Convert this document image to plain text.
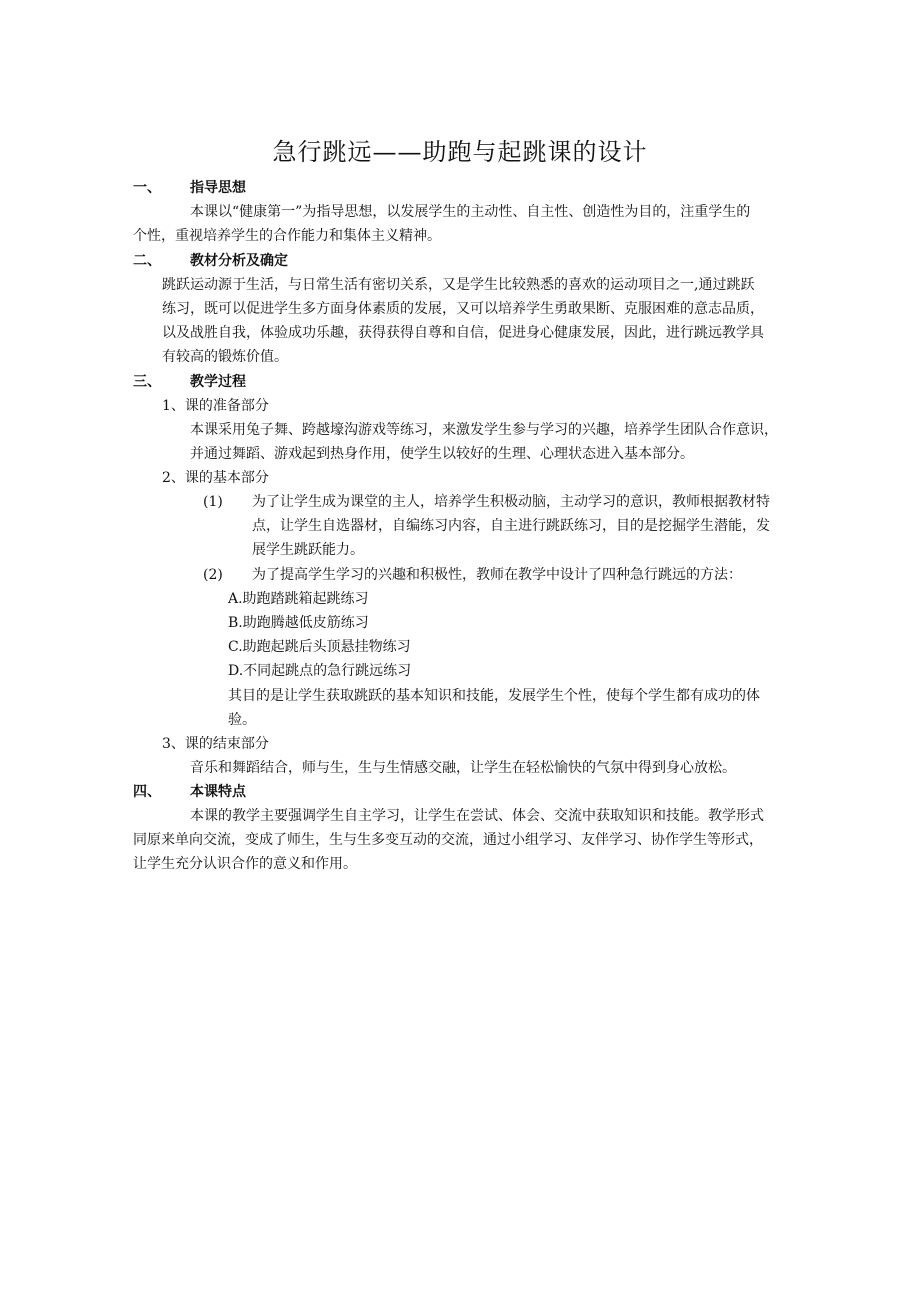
急行跳远——助跑与起跳课的设计
一、 指导思想
本课以“健康第一”为指导思想，以发展学生的主动性、自主性、创造性为目的，注重学生的
个性，重视培养学生的合作能力和集体主义精神。
二、 教材分析及确定
跳跃运动源于生活，与日常生活有密切关系，又是学生比较熟悉的喜欢的运动项目之一,通过跳跃
练习，既可以促进学生多方面身体素质的发展，又可以培养学生勇敢果断、克服困难的意志品质，
以及战胜自我，体验成功乐趣，获得获得自尊和自信，促进身心健康发展，因此，进行跳远教学具
有较高的锻炼价值。
三、 教学过程
1、课的准备部分
本课采用兔子舞、跨越壕沟游戏等练习，来激发学生参与学习的兴趣，培养学生团队合作意识，
并通过舞蹈、游戏起到热身作用，使学生以较好的生理、心理状态进入基本部分。
2、课的基本部分
(1) 为了让学生成为课堂的主人，培养学生积极动脑，主动学习的意识，教师根据教材特
点，让学生自选器材，自编练习内容，自主进行跳跃练习，目的是挖掘学生潜能，发
展学生跳跃能力。
(2) 为了提高学生学习的兴趣和积极性，教师在教学中设计了四种急行跳远的方法：
A.助跑踏跳箱起跳练习
B.助跑腾越低皮筋练习
C.助跑起跳后头顶悬挂物练习
D.不同起跳点的急行跳远练习
其目的是让学生获取跳跃的基本知识和技能，发展学生个性，使每个学生都有成功的体
验。
3、课的结束部分
音乐和舞蹈结合，师与生，生与生情感交融，让学生在轻松愉快的气氛中得到身心放松。
四、 本课特点
本课的教学主要强调学生自主学习，让学生在尝试、体会、交流中获取知识和技能。教学形式
同原来单向交流，变成了师生，生与生多变互动的交流，通过小组学习、友伴学习、协作学生等形式，
让学生充分认识合作的意义和作用。
